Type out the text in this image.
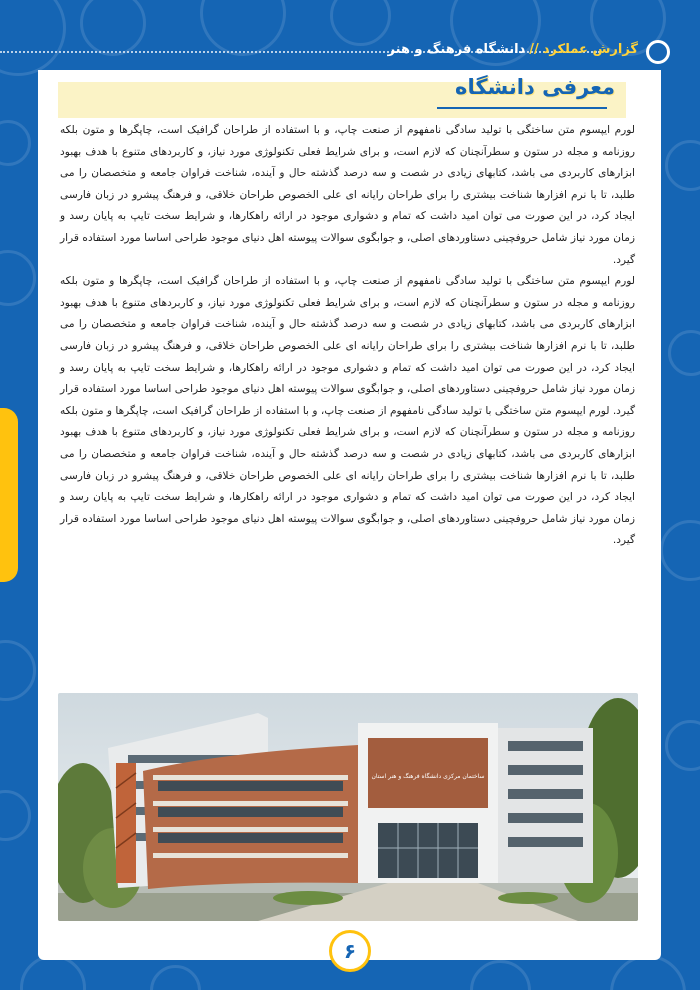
گزارش عملکرد//دانشگاه فرهنگ و هنر
معرفی دانشگاه

لورم ایپسوم متن ساختگی با تولید سادگی نامفهوم از صنعت چاپ، و با استفاده از طراحان گرافیک است، چاپگرها و متون بلکه روزنامه و مجله در ستون و سطرآنچنان که لازم است، و برای شرایط فعلی تکنولوژی مورد نیاز، و کاربردهای متنوع با هدف بهبود ابزارهای کاربردی می باشد، کتابهای زیادی در شصت و سه درصد گذشته حال و آینده، شناخت فراوان جامعه و متخصصان را می طلبد، تا با نرم افزارها شناخت بیشتری را برای طراحان رایانه ای علی الخصوص طراحان خلاقی، و فرهنگ پیشرو در زبان فارسی ایجاد کرد، در این صورت می توان امید داشت که تمام و دشواری موجود در ارائه راهکارها، و شرایط سخت تایپ به پایان رسد و زمان مورد نیاز شامل حروفچینی دستاوردهای اصلی، و جوابگوی سوالات پیوسته اهل دنیای موجود طراحی اساسا مورد استفاده قرار گیرد.

لورم ایپسوم متن ساختگی با تولید سادگی نامفهوم از صنعت چاپ، و با استفاده از طراحان گرافیک است، چاپگرها و متون بلکه روزنامه و مجله در ستون و سطرآنچنان که لازم است، و برای شرایط فعلی تکنولوژی مورد نیاز، و کاربردهای متنوع با هدف بهبود ابزارهای کاربردی می باشد، کتابهای زیادی در شصت و سه درصد گذشته حال و آینده، شناخت فراوان جامعه و متخصصان را می طلبد، تا با نرم افزارها شناخت بیشتری را برای طراحان رایانه ای علی الخصوص طراحان خلاقی، و فرهنگ پیشرو در زبان فارسی ایجاد کرد، در این صورت می توان امید داشت که تمام و دشواری موجود در ارائه راهکارها، و شرایط سخت تایپ به پایان رسد و زمان مورد نیاز شامل حروفچینی دستاوردهای اصلی، و جوابگوی سوالات پیوسته اهل دنیای موجود طراحی اساسا مورد استفاده قرار گیرد. لورم ایپسوم متن ساختگی با تولید سادگی نامفهوم از صنعت چاپ، و با استفاده از طراحان گرافیک است، چاپگرها و متون بلکه روزنامه و مجله در ستون و سطرآنچنان که لازم است، و برای شرایط فعلی تکنولوژی مورد نیاز، و کاربردهای متنوع با هدف بهبود ابزارهای کاربردی می باشد، کتابهای زیادی در شصت و سه درصد گذشته حال و آینده، شناخت فراوان جامعه و متخصصان را می طلبد، تا با نرم افزارها شناخت بیشتری را برای طراحان رایانه ای علی الخصوص طراحان خلاقی، و فرهنگ پیشرو در زبان فارسی ایجاد کرد، در این صورت می توان امید داشت که تمام و دشواری موجود در ارائه راهکارها، و شرایط سخت تایپ به پایان رسد و زمان مورد نیاز شامل حروفچینی دستاوردهای اصلی، و جوابگوی سوالات پیوسته اهل دنیای موجود طراحی اساسا مورد استفاده قرار گیرد.

ساختمان مرکزی دانشگاه فرهنگ و هنر استان
۶
